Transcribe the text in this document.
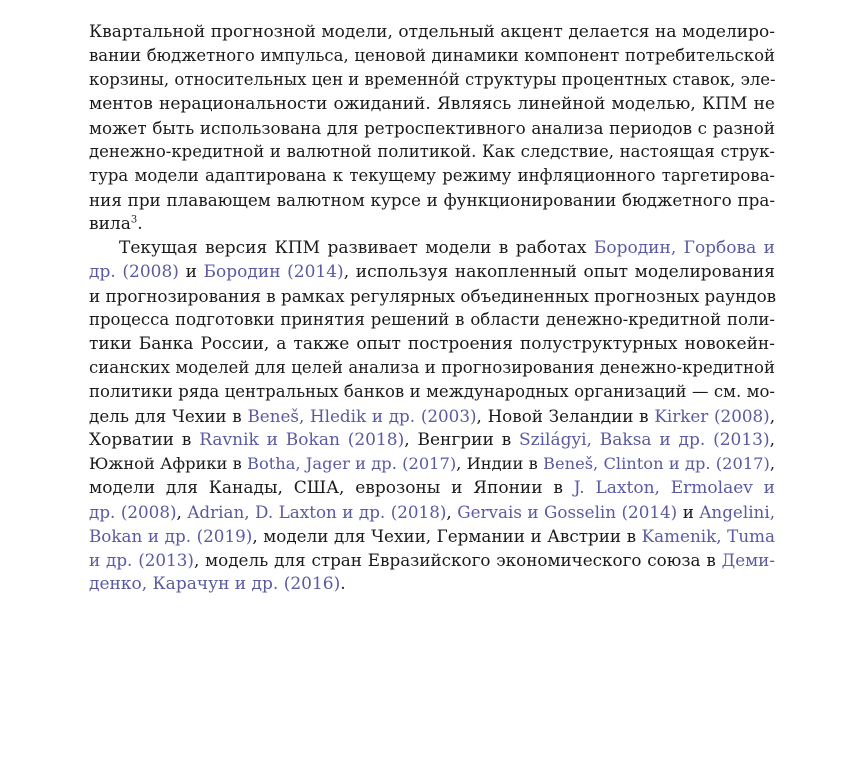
Квартальной прогнозной модели, отдельный акцент делается на моделиро-
вании бюджетного импульса, ценовой динамики компонент потребительской
корзины, относительных цен и временно́й структуры процентных ставок, эле-
ментов нерациональности ожиданий. Являясь линейной моделью, КПМ не
может быть использована для ретроспективного анализа периодов с разной
денежно-кредитной и валютной политикой. Как следствие, настоящая струк-
тура модели адаптирована к текущему режиму инфляционного таргетирова-
ния при плавающем валютном курсе и функционировании бюджетного пра-
вила$^3$.
Текущая версия КПМ развивает модели в работах Бородин, Горбова и
др. (2008) и Бородин (2014), используя накопленный опыт моделирования
и прогнозирования в рамках регулярных объединенных прогнозных раундов
процесса подготовки принятия решений в области денежно-кредитной поли-
тики Банка России, а также опыт построения полуструктурных новокейн-
сианских моделей для целей анализа и прогнозирования денежно-кредитной
политики ряда центральных банков и международных организаций — см. мо-
дель для Чехии в Beneš, Hledik и др. (2003), Новой Зеландии в Kirker (2008),
Хорватии в Ravnik и Bokan (2018), Венгрии в Szilágyi, Baksa и др. (2013),
Южной Африки в Botha, Jager и др. (2017), Индии в Beneš, Clinton и др. (2017),
модели для Канады, США, еврозоны и Японии в J. Laxton, Ermolaev и
др. (2008), Adrian, D. Laxton и др. (2018), Gervais и Gosselin (2014) и Angelini,
Bokan и др. (2019), модели для Чехии, Германии и Австрии в Kamenik, Tuma
и др. (2013), модель для стран Евразийского экономического союза в Деми-
денко, Карачун и др. (2016).
